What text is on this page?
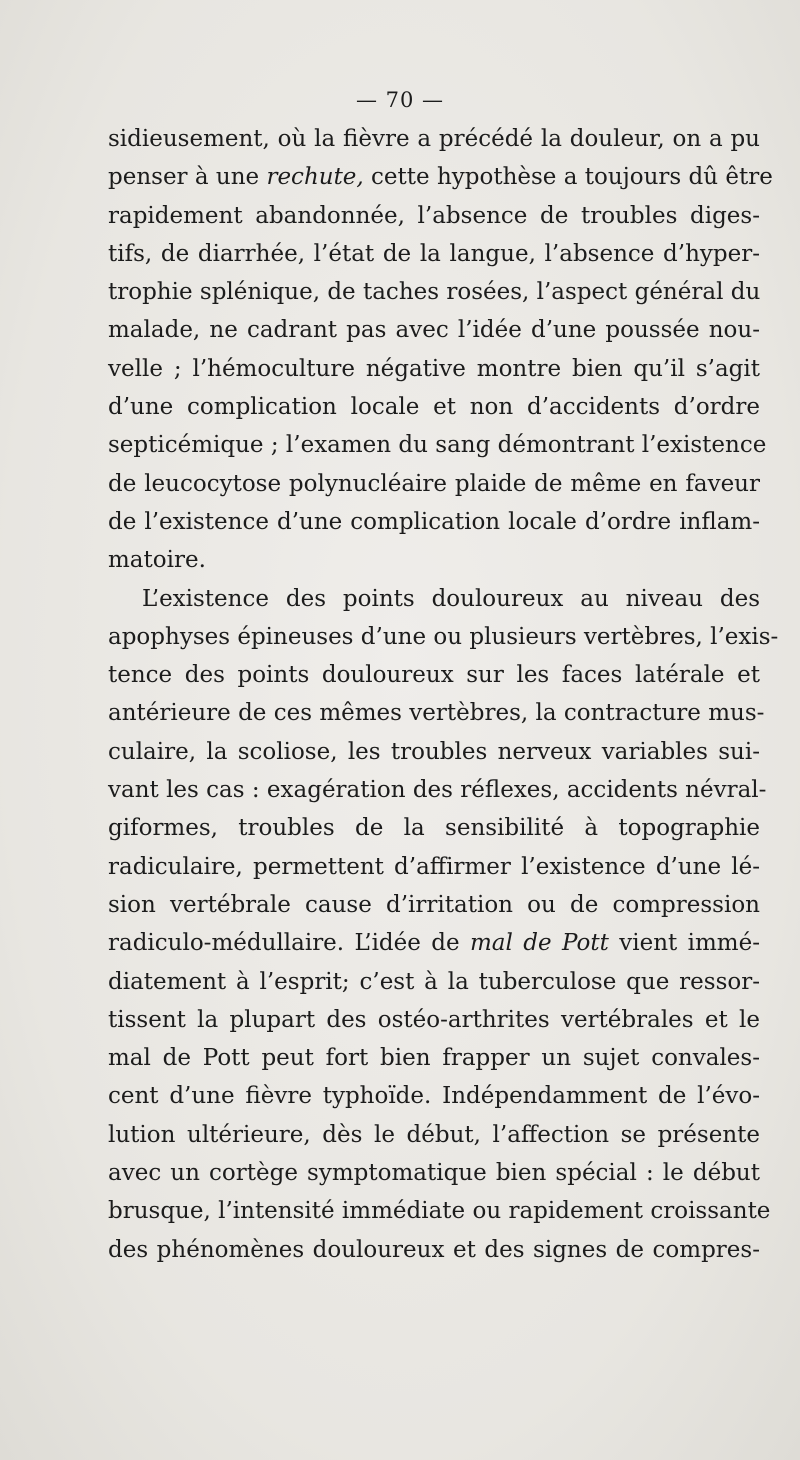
— 70 —
sidieusement, où la fièvre a précédé la douleur, on a pu
penser à une rechute, cette hypothèse a toujours dû être
rapidement abandonnée, l’absence de troubles diges-
tifs, de diarrhée, l’état de la langue, l’absence d’hyper-
trophie splénique, de taches rosées, l’aspect général du
malade, ne cadrant pas avec l’idée d’une poussée nou-
velle ; l’hémoculture négative montre bien qu’il s’agit
d’une complication locale et non d’accidents d’ordre
septicémique ; l’examen du sang démontrant l’existence
de leucocytose polynucléaire plaide de même en faveur
de l’existence d’une complication locale d’ordre inflam-
matoire.
L’existence des points douloureux au niveau des
apophyses épineuses d’une ou plusieurs vertèbres, l’exis-
tence des points douloureux sur les faces latérale et
antérieure de ces mêmes vertèbres, la contracture mus-
culaire, la scoliose, les troubles nerveux variables sui-
vant les cas : exagération des réflexes, accidents névral-
giformes, troubles de la sensibilité à topographie
radiculaire, permettent d’affirmer l’existence d’une lé-
sion vertébrale cause d’irritation ou de compression
radiculo-médullaire. L’idée de mal de Pott vient immé-
diatement à l’esprit; c’est à la tuberculose que ressor-
tissent la plupart des ostéo-arthrites vertébrales et le
mal de Pott peut fort bien frapper un sujet convales-
cent d’une fièvre typhoïde. Indépendamment de l’évo-
lution ultérieure, dès le début, l’affection se présente
avec un cortège symptomatique bien spécial : le début
brusque, l’intensité immédiate ou rapidement croissante
des phénomènes douloureux et des signes de compres-
